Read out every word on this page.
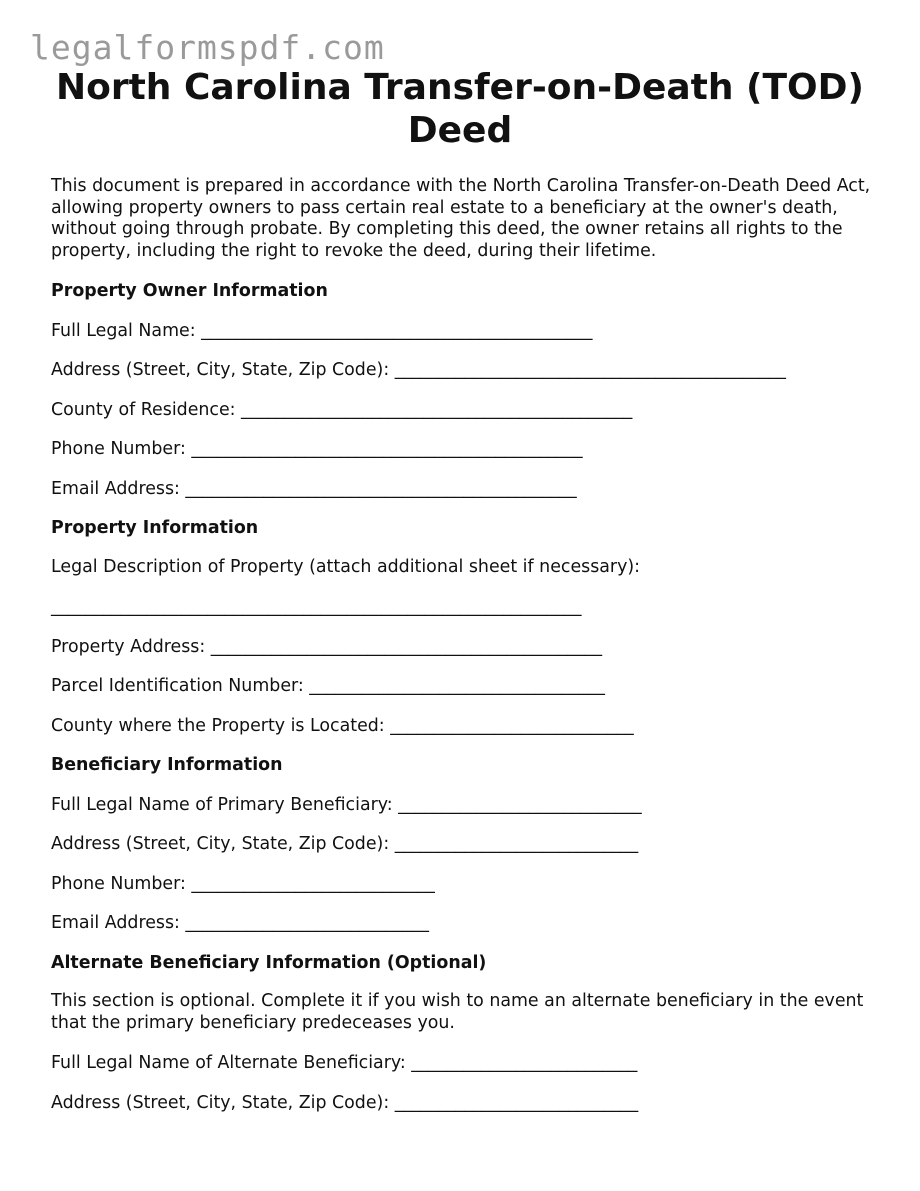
legalformspdf.com
North Carolina Transfer-on-Death (TOD) Deed

This document is prepared in accordance with the North Carolina Transfer-on-Death Deed Act, allowing property owners to pass certain real estate to a beneficiary at the owner's death, without going through probate. By completing this deed, the owner retains all rights to the property, including the right to revoke the deed, during their lifetime.

Property Owner Information
Full Legal Name: _____________________________________________
Address (Street, City, State, Zip Code): _____________________________________________
County of Residence: _____________________________________________
Phone Number: _____________________________________________
Email Address: _____________________________________________
Property Information
Legal Description of Property (attach additional sheet if necessary):
_____________________________________________________________
Property Address: _____________________________________________
Parcel Identification Number: __________________________________
County where the Property is Located: ____________________________
Beneficiary Information
Full Legal Name of Primary Beneficiary: ____________________________
Address (Street, City, State, Zip Code): ____________________________
Phone Number: ____________________________
Email Address: ____________________________
Alternate Beneficiary Information (Optional)

This section is optional. Complete it if you wish to name an alternate beneficiary in the event that the primary beneficiary predeceases you.

Full Legal Name of Alternate Beneficiary: __________________________
Address (Street, City, State, Zip Code): ____________________________
